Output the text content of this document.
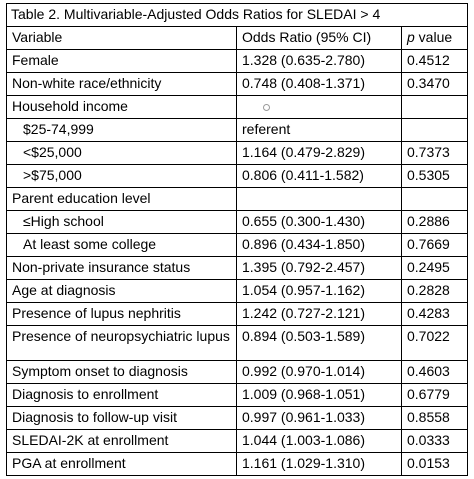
Table 2. Multivariable-Adjusted Odds Ratios for SLEDAI > 4		
Variable	Odds Ratio (95% CI)	p value
Female	1.328 (0.635-2.780)	0.4512
Non-white race/ethnicity	0.748 (0.408-1.371)	0.3470
Household income		
$25-74,999	referent	
<$25,000	1.164 (0.479-2.829)	0.7373
>$75,000	0.806 (0.411-1.582)	0.5305
Parent education level		
≤High school	0.655 (0.300-1.430)	0.2886
At least some college	0.896 (0.434-1.850)	0.7669
Non-private insurance status	1.395 (0.792-2.457)	0.2495
Age at diagnosis	1.054 (0.957-1.162)	0.2828
Presence of lupus nephritis	1.242 (0.727-2.121)	0.4283
Presence of neuropsychiatric lupus	0.894 (0.503-1.589)	0.7022
Symptom onset to diagnosis	0.992 (0.970-1.014)	0.4603
Diagnosis to enrollment	1.009 (0.968-1.051)	0.6779
Diagnosis to follow-up visit	0.997 (0.961-1.033)	0.8558
SLEDAI-2K at enrollment	1.044 (1.003-1.086)	0.0333
PGA at enrollment	1.161 (1.029-1.310)	0.0153
